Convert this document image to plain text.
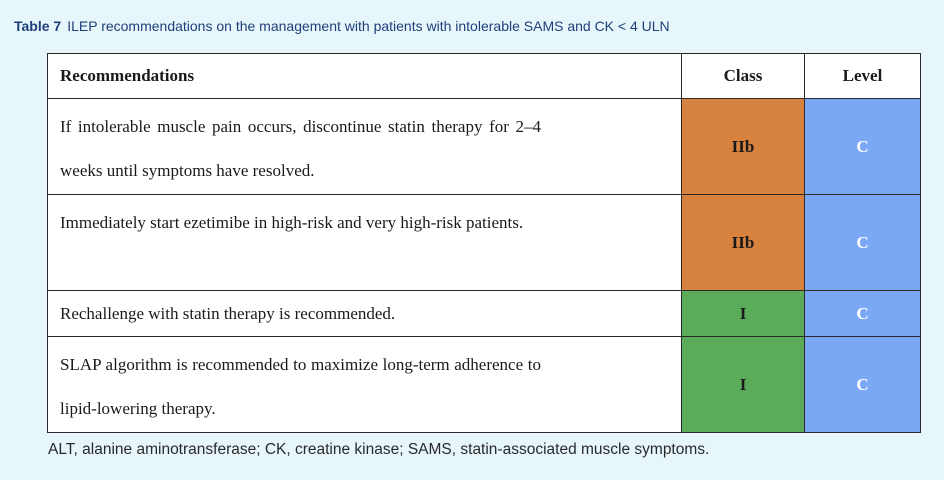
Table 7 ILEP recommendations on the management with patients with intolerable SAMS and CK < 4 ULN
Recommendations	Class	Level
If intolerable muscle pain occurs, discontinue statin therapy for 2–4 weeks until symptoms have resolved.	IIb	C
Immediately start ezetimibe in high-risk and very high-risk patients.	IIb	C
Rechallenge with statin therapy is recommended.	I	C
SLAP algorithm is recommended to maximize long-term adherence to lipid-lowering therapy.	I	C
ALT, alanine aminotransferase; CK, creatine kinase; SAMS, statin-associated muscle symptoms.
